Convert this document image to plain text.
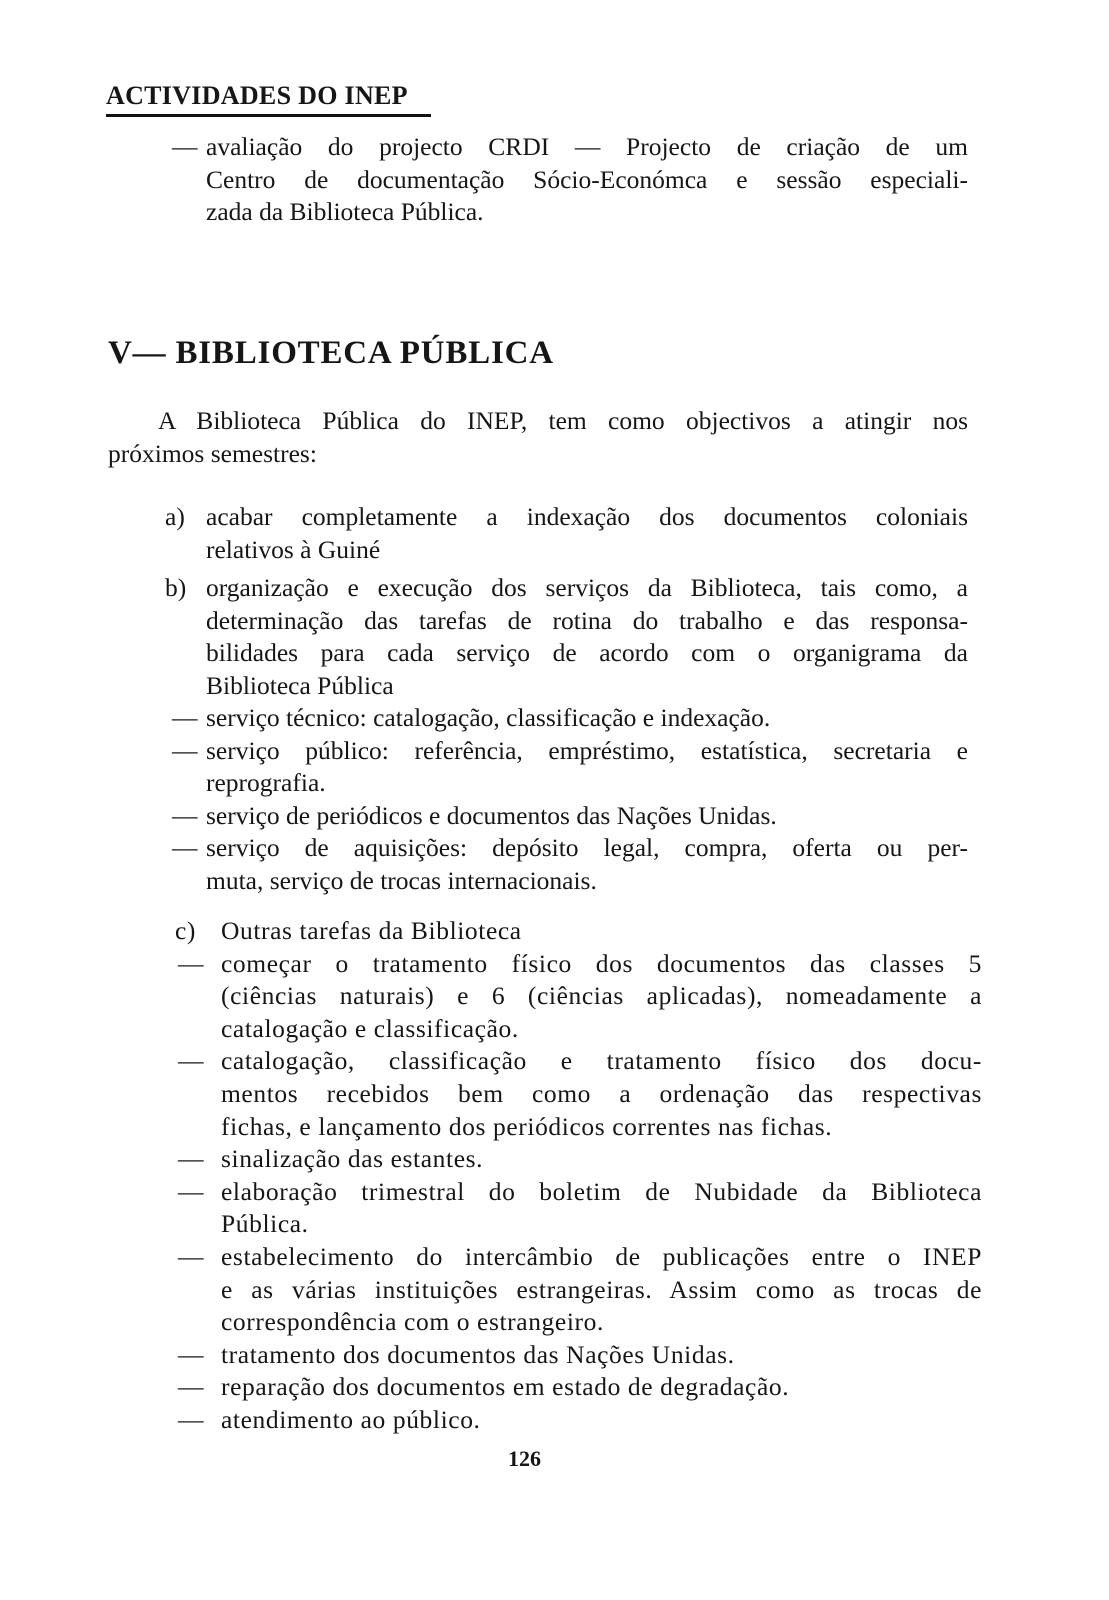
ACTIVIDADES DO INEP
— avaliação do projecto CRDI — Projecto de criação de um
Centro de documentação Sócio-Económca e sessão especiali-
zada da Biblioteca Pública.
V— BIBLIOTECA PÚBLICA
A Biblioteca Pública do INEP, tem como objectivos a atingir nos
próximos semestres:
a) acabar completamente a indexação dos documentos coloniais
relativos à Guiné
b) organização e execução dos serviços da Biblioteca, tais como, a
determinação das tarefas de rotina do trabalho e das responsa-
bilidades para cada serviço de acordo com o organigrama da
Biblioteca Pública
— serviço técnico: catalogação, classificação e indexação.
— serviço público: referência, empréstimo, estatística, secretaria e
reprografia.
— serviço de periódicos e documentos das Nações Unidas.
— serviço de aquisições: depósito legal, compra, oferta ou per-
muta, serviço de trocas internacionais.
c) Outras tarefas da Biblioteca
— começar o tratamento físico dos documentos das classes 5
(ciências naturais) e 6 (ciências aplicadas), nomeadamente a
catalogação e classificação.
— catalogação, classificação e tratamento físico dos docu-
mentos recebidos bem como a ordenação das respectivas
fichas, e lançamento dos periódicos correntes nas fichas.
— sinalização das estantes.
— elaboração trimestral do boletim de Nubidade da Biblioteca
Pública.
— estabelecimento do intercâmbio de publicações entre o INEP
e as várias instituições estrangeiras. Assim como as trocas de
correspondência com o estrangeiro.
— tratamento dos documentos das Nações Unidas.
— reparação dos documentos em estado de degradação.
— atendimento ao público.
126
